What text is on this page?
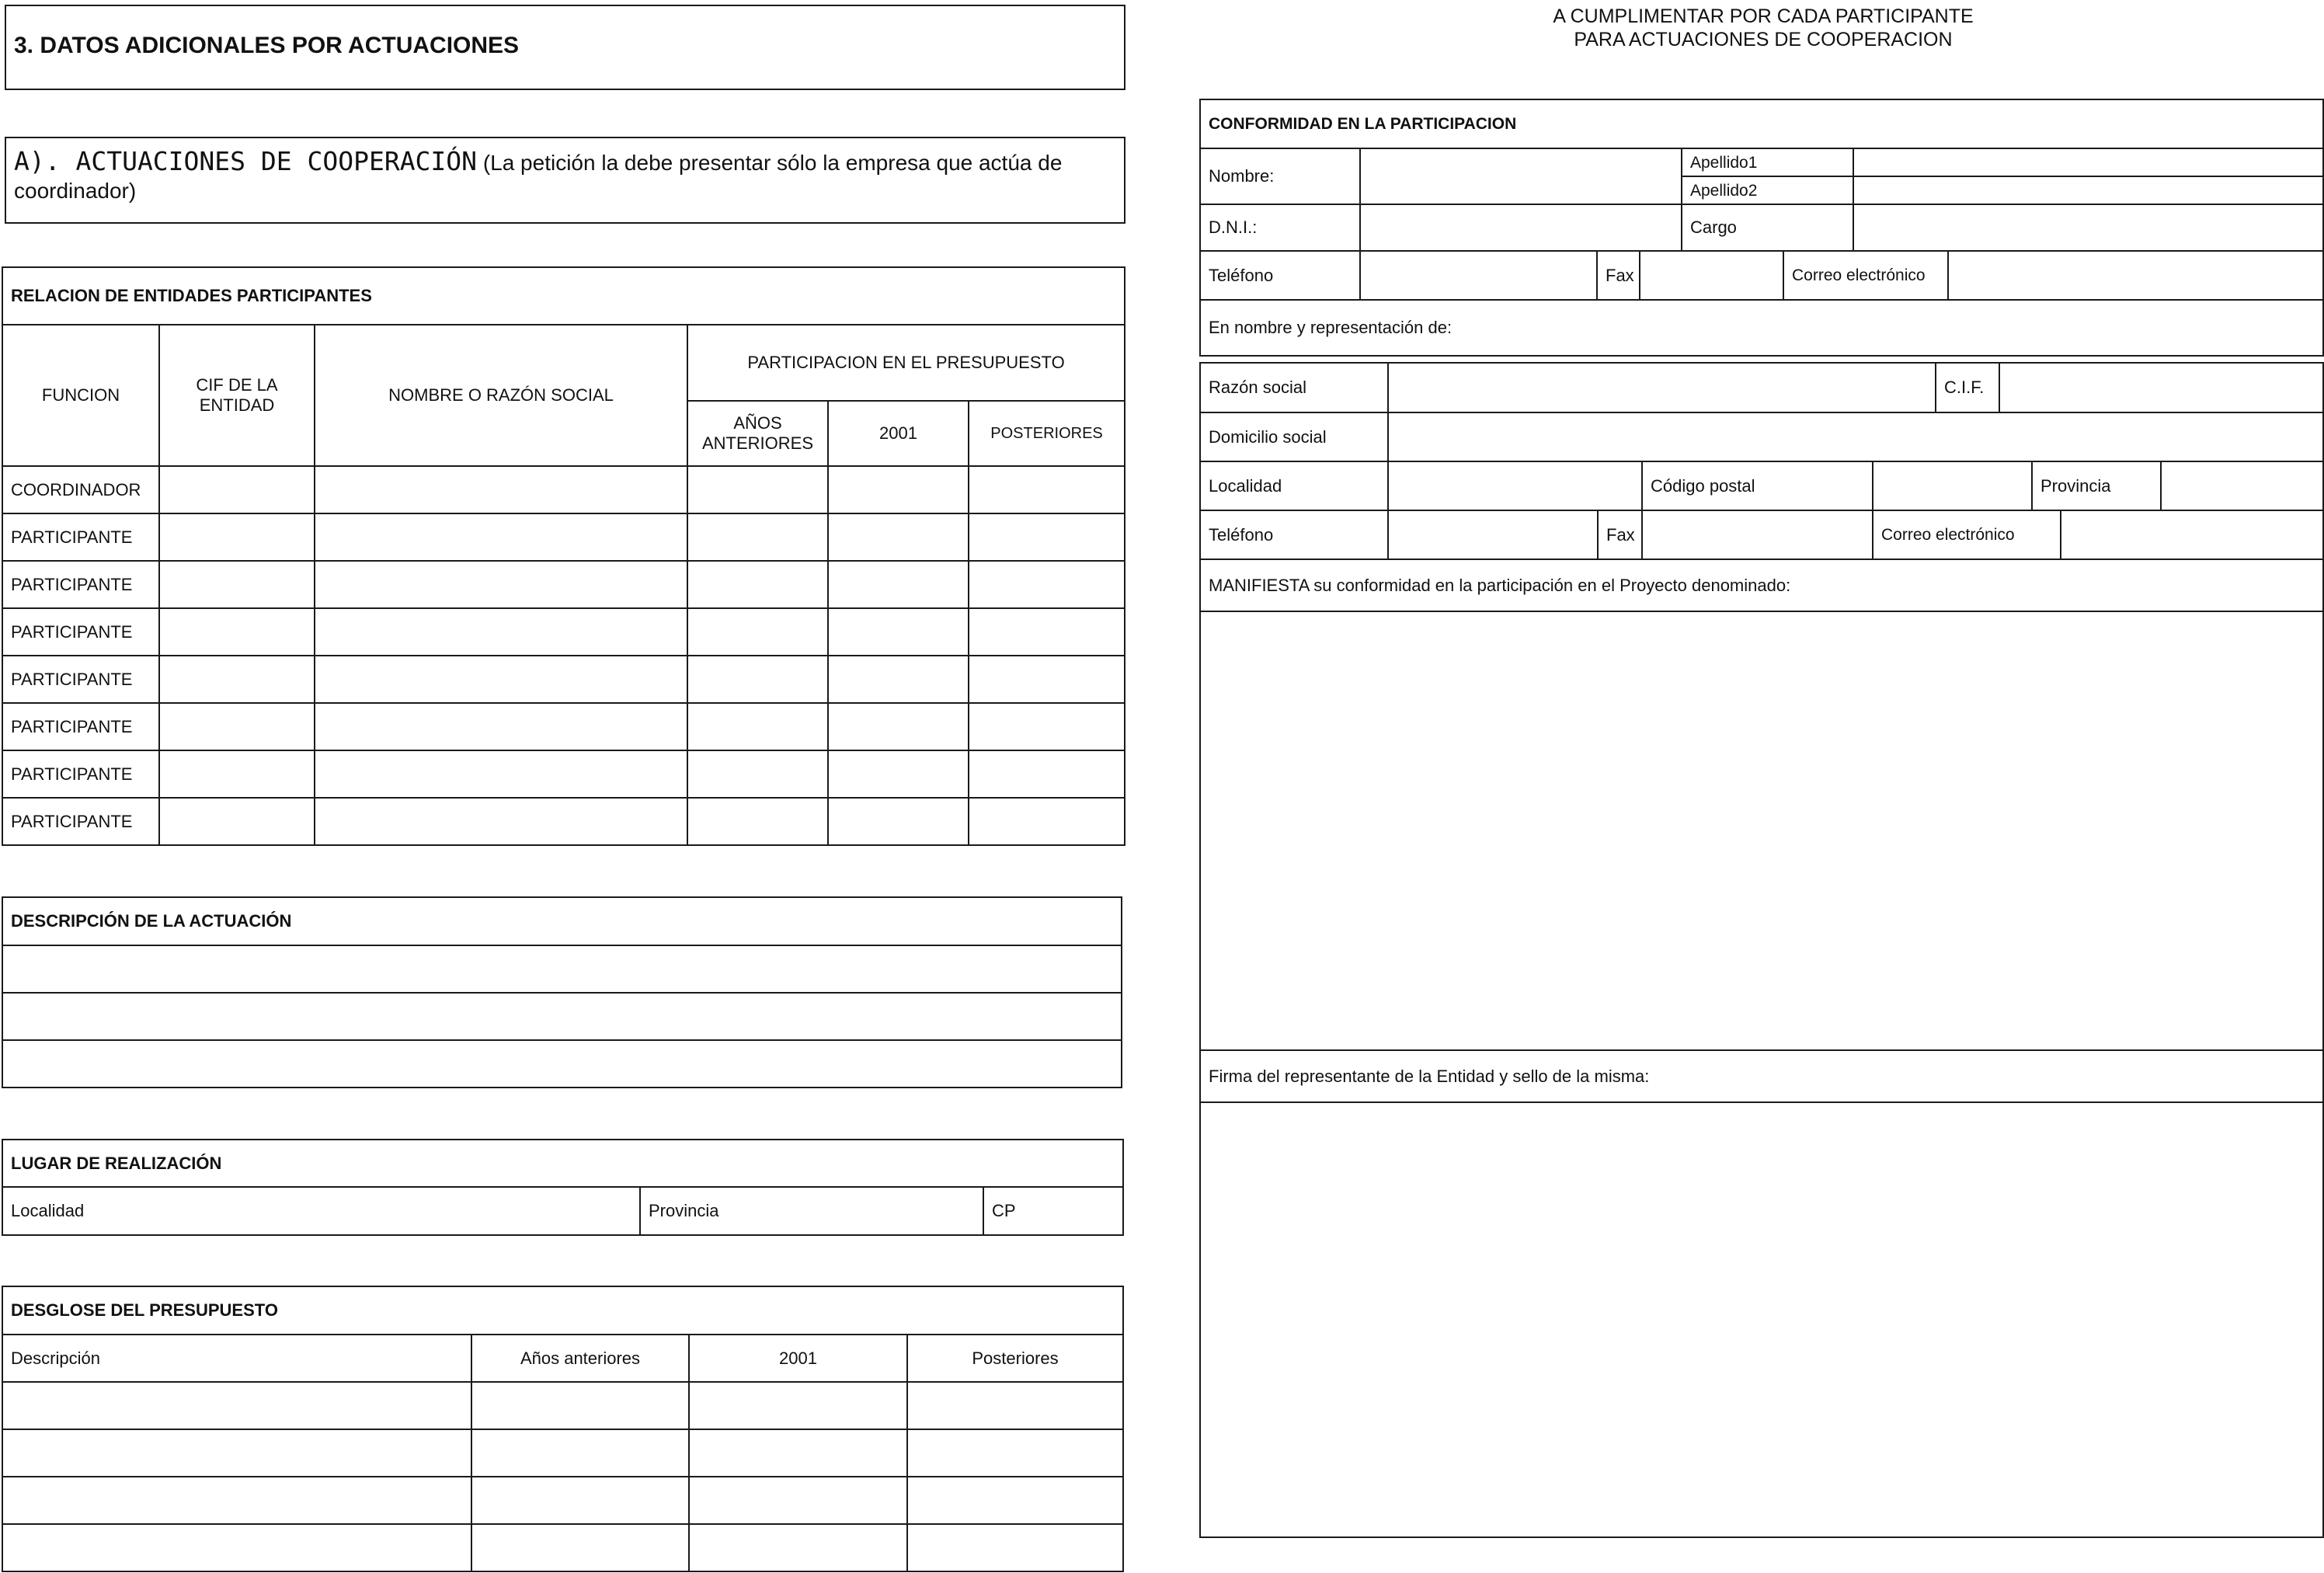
3. DATOS ADICIONALES POR ACTUACIONES
A). ACTUACIONES DE COOPERACIÓN (La petición la debe presentar sólo la empresa que actúa de coordinador)
RELACION DE ENTIDADES PARTICIPANTES					
FUNCION	CIF DE LA ENTIDAD	NOMBRE O RAZÓN SOCIAL	PARTICIPACION EN EL PRESUPUESTO		
			AÑOS ANTERIORES	2001	POSTERIORES
COORDINADOR					
PARTICIPANTE					
PARTICIPANTE					
PARTICIPANTE					
PARTICIPANTE					
PARTICIPANTE					
PARTICIPANTE					
PARTICIPANTE					
DESCRIPCIÓN DE LA ACTUACIÓN

LUGAR DE REALIZACIÓN
Localidad	Provincia	CP
DESGLOSE DEL PRESUPUESTO			
Descripción	Años anteriores	2001	Posteriores

A CUMPLIMENTAR POR CADA PARTICIPANTE
PARA ACTUACIONES DE COOPERACION
CONFORMIDAD EN LA PARTICIPACION							
Nombre:				Apellido1			
				Apellido2			
D.N.I.:				Cargo			
Teléfono		Fax			Correo electrónico		
En nombre y representación de:							
Razón social					C.I.F.	

Domicilio social						
Localidad			Código postal	Provincia		

Teléfono		Fax		Correo electrónico		
MANIFIESTA su conformidad en la participación en el Proyecto denominado:						

Firma del representante de la Entidad y sello de la misma:						
